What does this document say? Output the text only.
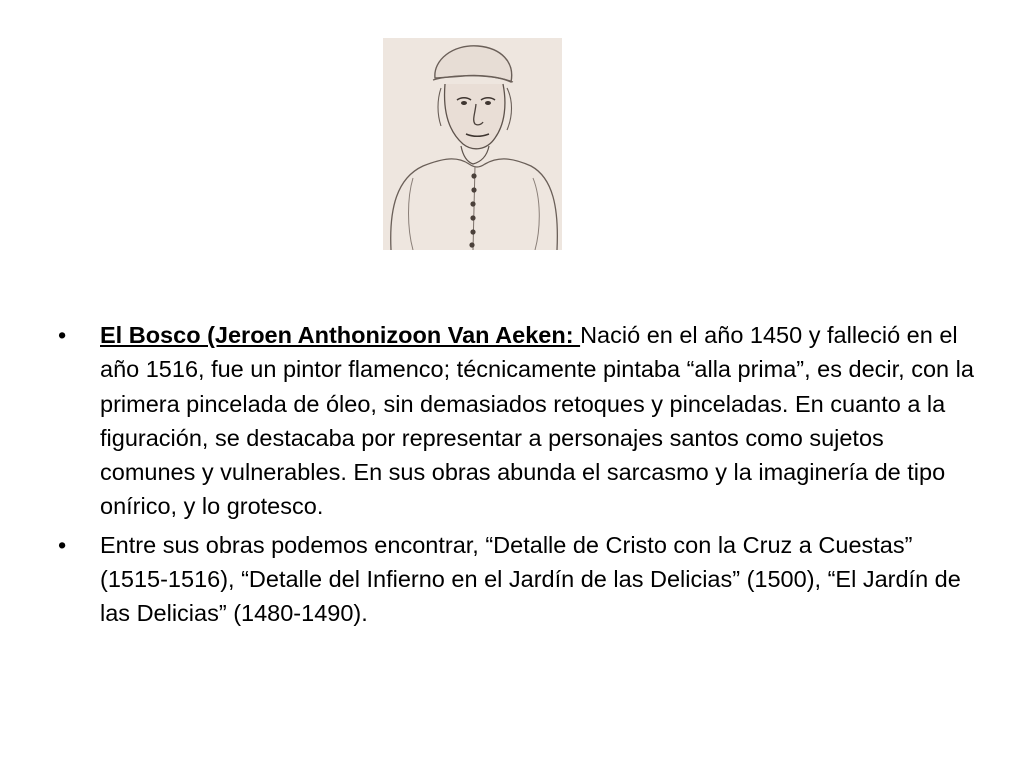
• El Bosco (Jeroen Anthonizoon Van Aeken: Nació en el año 1450 y falleció en el año 1516, fue un pintor flamenco; técnicamente pintaba “alla prima”, es decir, con la primera pincelada de óleo, sin demasiados retoques y pinceladas. En cuanto a la figuración, se destacaba por representar a personajes santos como sujetos comunes y vulnerables. En sus obras abunda el sarcasmo y la imaginería de tipo onírico, y lo grotesco.
• Entre sus obras podemos encontrar, “Detalle de Cristo con la Cruz a Cuestas” (1515-1516), “Detalle del Infierno en el Jardín de las Delicias” (1500), “El Jardín de las Delicias” (1480-1490).
